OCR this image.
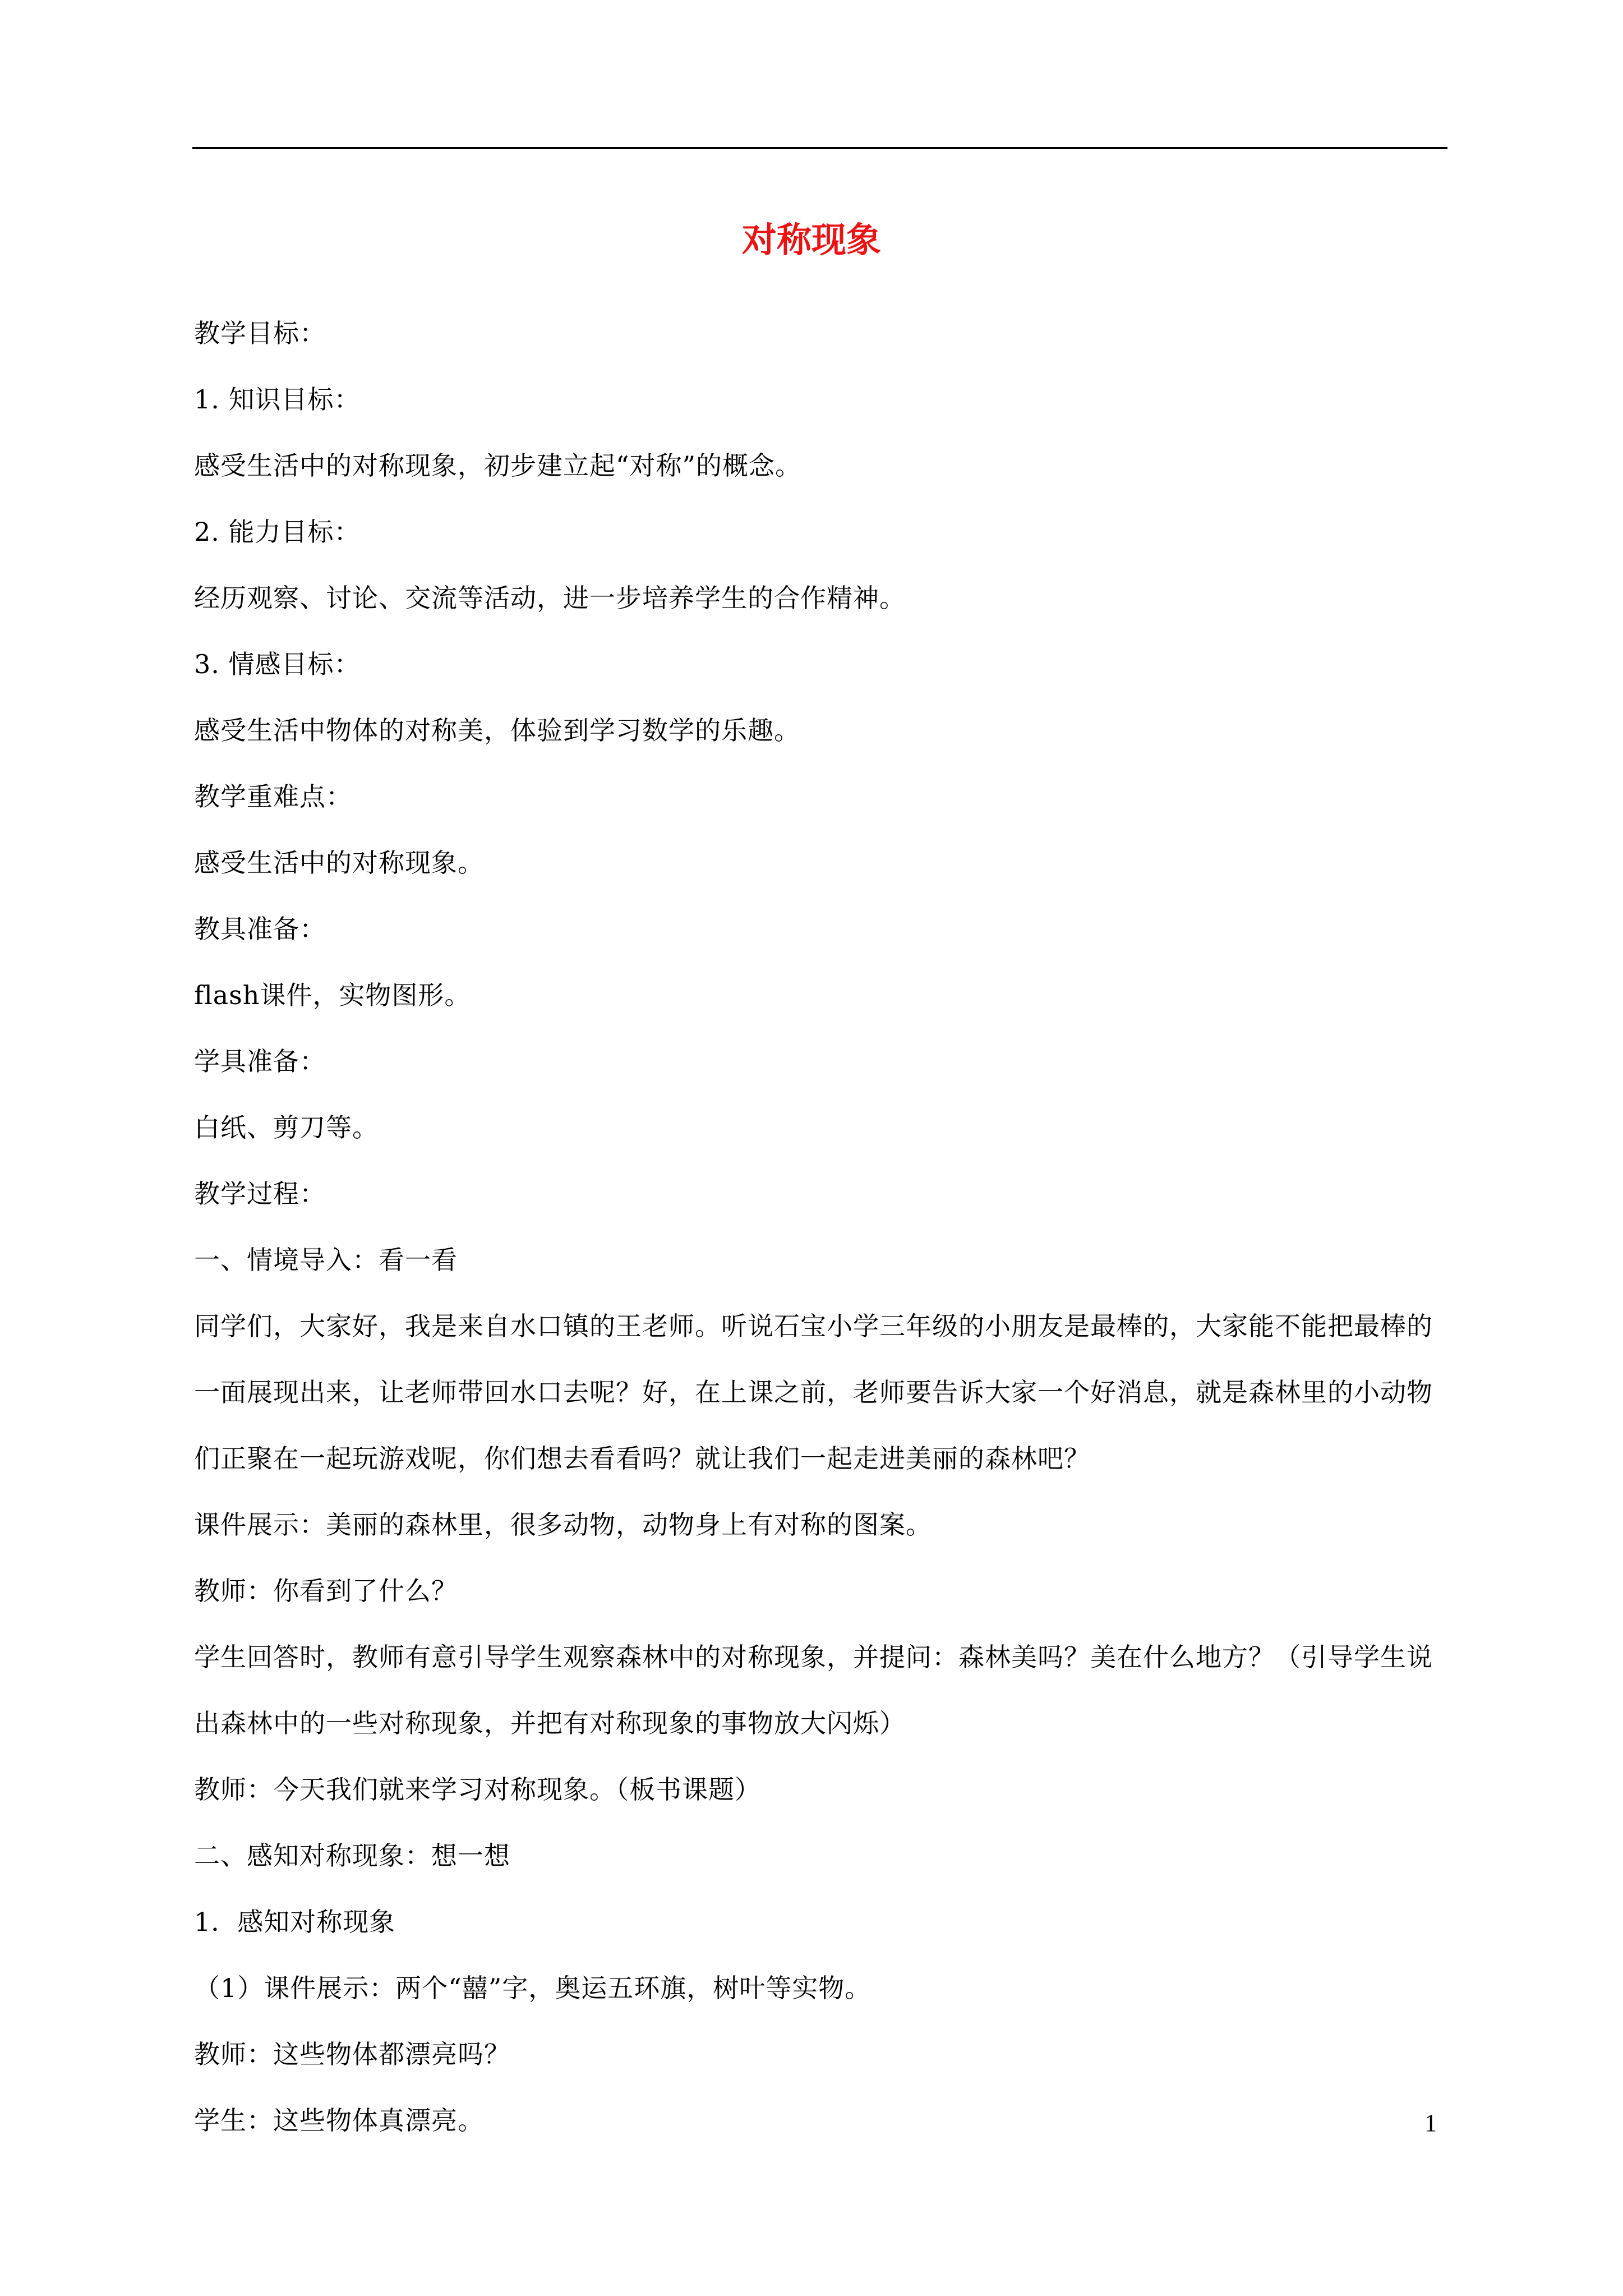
对称现象

教学目标：

1. 知识目标：

感受生活中的对称现象，初步建立起“对称”的概念。

2. 能力目标：

经历观察、讨论、交流等活动，进一步培养学生的合作精神。

3. 情感目标：

感受生活中物体的对称美，体验到学习数学的乐趣。

教学重难点：

感受生活中的对称现象。

教具准备：

flash课件，实物图形。

学具准备：

白纸、剪刀等。

教学过程：

一、情境导入：看一看

同学们，大家好，我是来自水口镇的王老师。听说石宝小学三年级的小朋友是最棒的，大家能不能把最棒的一面展现出来，让老师带回水口去呢？好，在上课之前，老师要告诉大家一个好消息，就是森林里的小动物们正聚在一起玩游戏呢，你们想去看看吗？就让我们一起走进美丽的森林吧？

课件展示：美丽的森林里，很多动物，动物身上有对称的图案。

教师：你看到了什么？

学生回答时，教师有意引导学生观察森林中的对称现象，并提问：森林美吗？美在什么地方？（引导学生说出森林中的一些对称现象，并把有对称现象的事物放大闪烁）

教师：今天我们就来学习对称现象。（板书课题）

二、感知对称现象：想一想

1．感知对称现象

（1）课件展示：两个“囍”字，奥运五环旗，树叶等实物。

教师：这些物体都漂亮吗？

学生：这些物体真漂亮。	1
